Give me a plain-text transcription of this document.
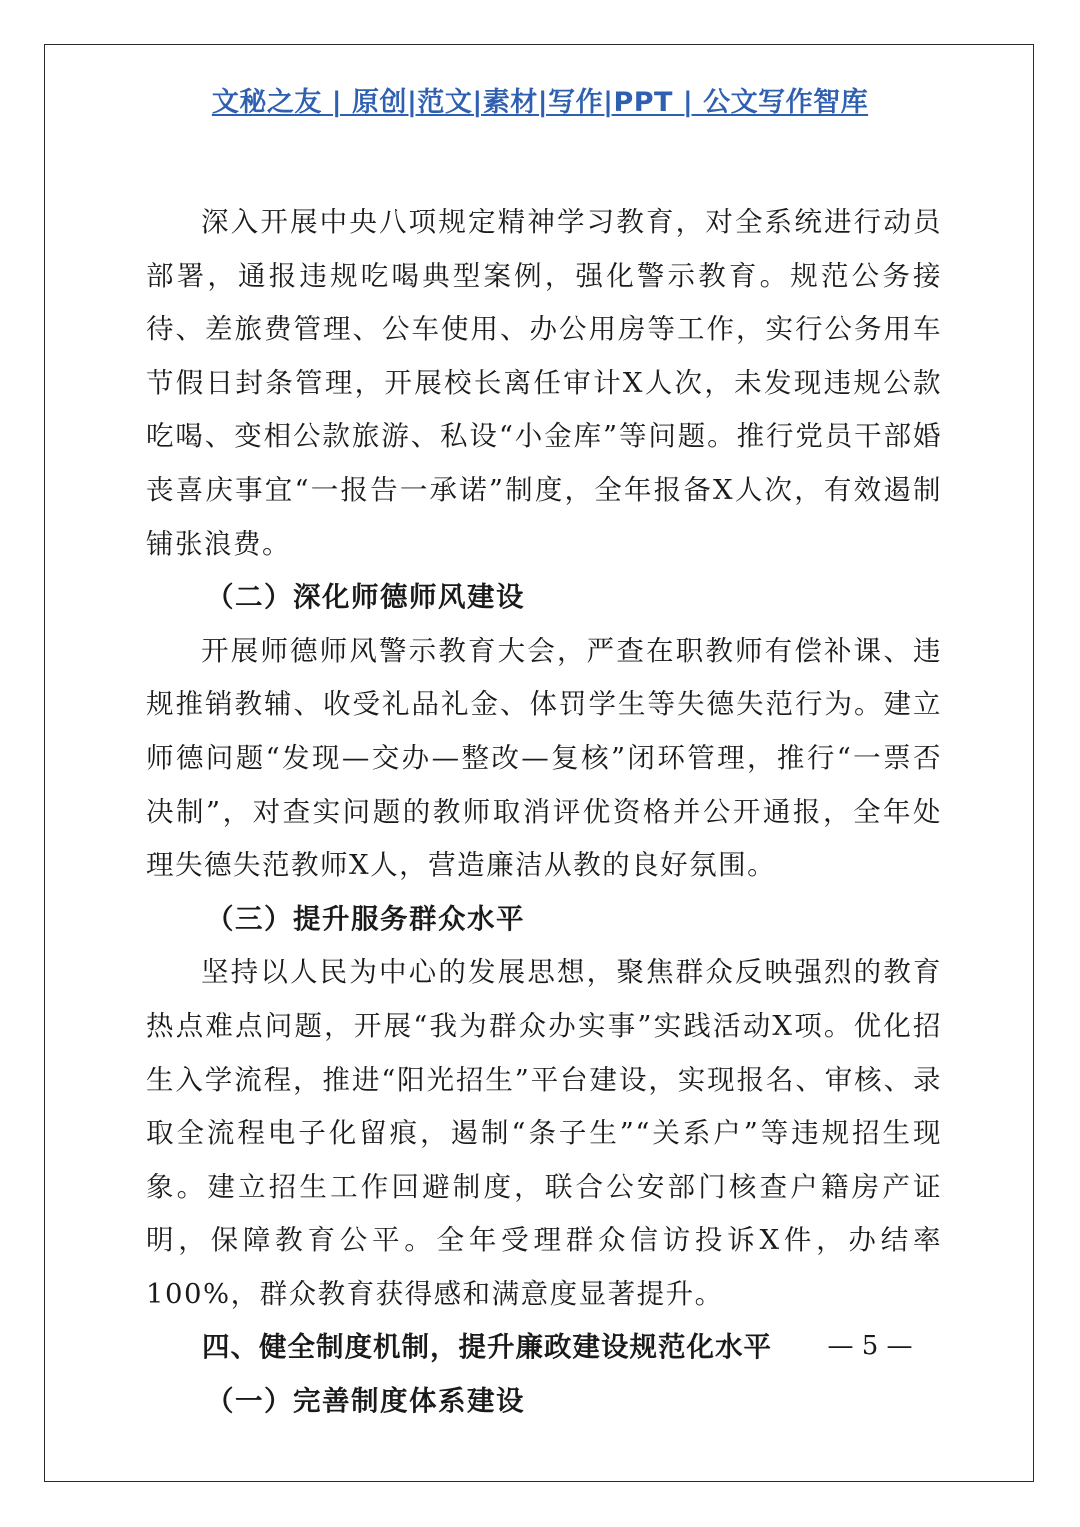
文秘之友 | 原创|范文|素材|写作|PPT | 公文写作智库

深入开展中央八项规定精神学习教育，对全系统进行动员部署，通报违规吃喝典型案例，强化警示教育。规范公务接待、差旅费管理、公车使用、办公用房等工作，实行公务用车节假日封条管理，开展校长离任审计X人次，未发现违规公款吃喝、变相公款旅游、私设“小金库”等问题。推行党员干部婚丧喜庆事宜“一报告一承诺”制度，全年报备X人次，有效遏制铺张浪费。

（二）深化师德师风建设

开展师德师风警示教育大会，严查在职教师有偿补课、违规推销教辅、收受礼品礼金、体罚学生等失德失范行为。建立师德问题“发现—交办—整改—复核”闭环管理，推行“一票否决制”，对查实问题的教师取消评优资格并公开通报，全年处理失德失范教师X人，营造廉洁从教的良好氛围。

（三）提升服务群众水平

坚持以人民为中心的发展思想，聚焦群众反映强烈的教育热点难点问题，开展“我为群众办实事”实践活动X项。优化招生入学流程，推进“阳光招生”平台建设，实现报名、审核、录取全流程电子化留痕，遏制“条子生”“关系户”等违规招生现象。建立招生工作回避制度，联合公安部门核查户籍房产证明，保障教育公平。全年受理群众信访投诉X件，办结率100%，群众教育获得感和满意度显著提升。

四、健全制度机制，提升廉政建设规范化水平

（一）完善制度体系建设

— 5 —
